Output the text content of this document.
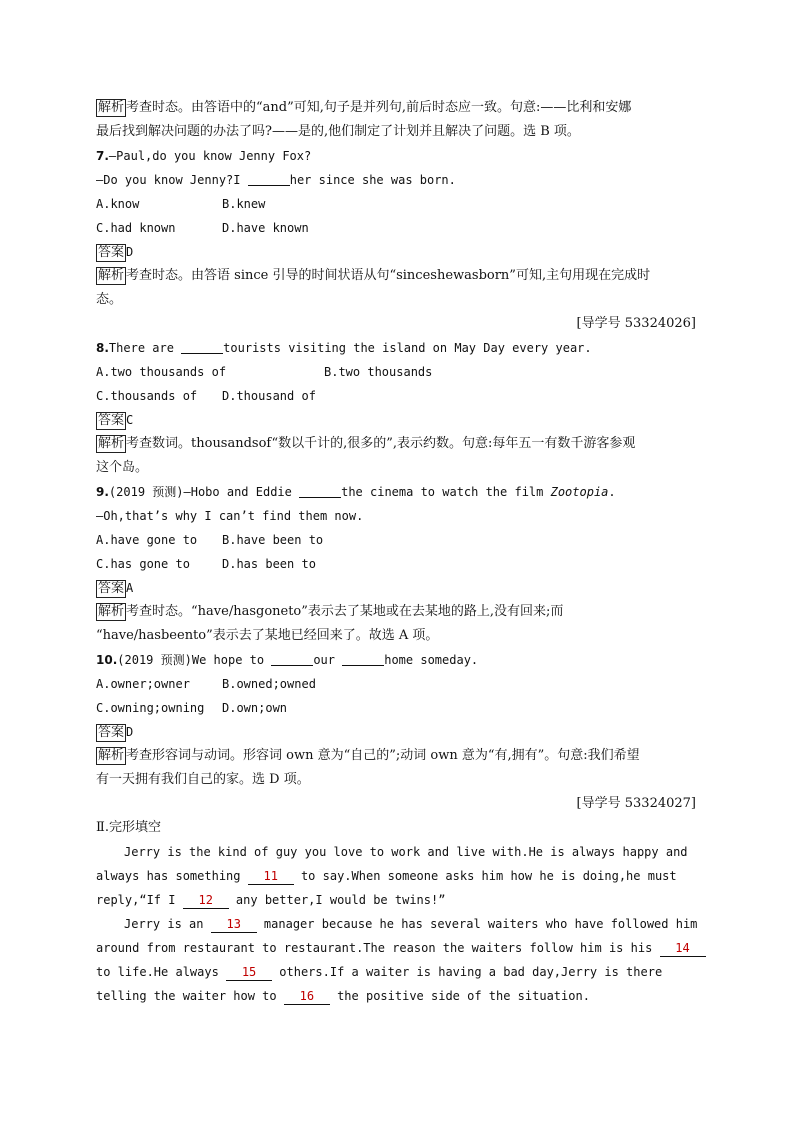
解析 考查时态。由答语中的“and”可知,句子是并列句,前后时态应一致。句意:——比利和安娜
最后找到解决问题的办法了吗?——是的,他们制定了计划并且解决了问题。选 B 项。
7.—Paul,do you know Jenny Fox?
—Do you know Jenny?I	her since she was born.
A.know	B.knew
C.had known	D.have known
答案 D
解析 考查时态。由答语 since 引导的时间状语从句“sinceshewasborn”可知,主句用现在完成时
态。
[导学号 53324026]
8.There are	tourists visiting the island on May Day every year.
A.two thousands of	B.two thousands
C.thousands of D.thousand of
答案 C
解析 考查数词。thousandsof“数以千计的,很多的”,表示约数。句意:每年五一有数千游客参观
这个岛。
9.(2019 预测)—Hobo and Eddie	the cinema to watch the film Zootopia.
—Oh,that’s why I can’t find them now.
A.have gone to B.have been to
C.has gone to	D.has been to
答案 A
解析 考查时态。“have/hasgoneto”表示去了某地或在去某地的路上,没有回来;而
“have/hasbeento”表示去了某地已经回来了。故选 A 项。
10.(2019 预测)We hope to	our	home someday.
A.owner;owner	B.owned;owned
C.owning;owning D.own;own
答案 D
解析 考查形容词与动词。形容词 own 意为“自己的”;动词 own 意为“有,拥有”。句意:我们希望
有一天拥有我们自己的家。选 D 项。
[导学号 53324027]
Ⅱ.完形填空
Jerry is the kind of guy you love to work and live with.He is always happy and
always has something 11 to say.When someone asks him how he is doing,he must
reply,“If I 12 any better,I would be twins!”
Jerry is an 13 manager because he has several waiters who have followed him
around from restaurant to restaurant.The reason the waiters follow him is his 14
to life.He always 15 others.If a waiter is having a bad day,Jerry is there
telling the waiter how to 16 the positive side of the situation.
